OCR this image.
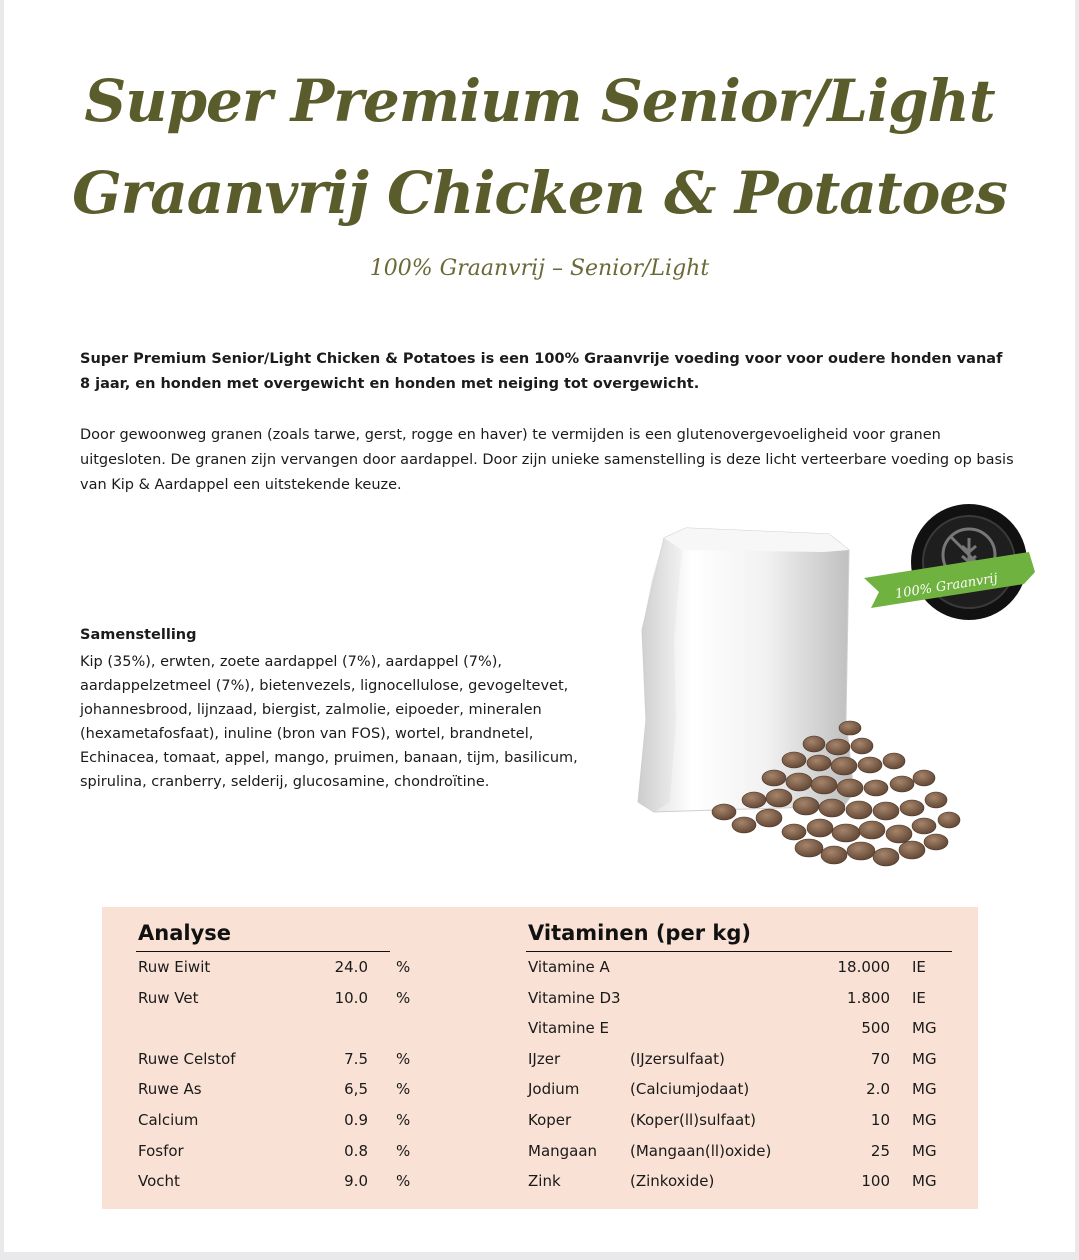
Super Premium Senior/Light
Graanvrij Chicken & Potatoes
100% Graanvrij – Senior/Light
Super Premium Senior/Light Chicken & Potatoes is een 100% Graanvrije voeding voor voor oudere honden vanaf 8 jaar, en honden met overgewicht en honden met neiging tot overgewicht.
Door gewoonweg granen (zoals tarwe, gerst, rogge en haver) te vermijden is een glutenovergevoeligheid voor granen uitgesloten. De granen zijn vervangen door aardappel. Door zijn unieke samenstelling is deze licht verteerbare voeding op basis van Kip & Aardappel een uitstekende keuze.
Samenstelling
Kip (35%), erwten, zoete aardappel (7%), aardappel (7%), aardappelzetmeel (7%), bietenvezels, lignocellulose, gevogeltevet, johannesbrood, lijnzaad, biergist, zalmolie, eipoeder, mineralen (hexametafosfaat), inuline (bron van FOS), wortel, brandnetel, Echinacea, tomaat, appel, mango, pruimen, banaan, tijm, basilicum, spirulina, cranberry, selderij, glucosamine, chondroïtine.
100% Graanvrij
Analyse
Ruw Eiwit	24.0 %
Ruw Vet	10.0 %
Ruwe Celstof	7.5 %
Ruwe As	6,5 %
Calcium	0.9 %
Fosfor	0.8 %
Vocht	9.0 %
Vitaminen (per kg)
Vitamine A	18.000 IE
Vitamine D3	1.800 IE
Vitamine E	500 MG
IJzer	(IJzersulfaat)	70 MG
Jodium	(Calciumjodaat)	2.0 MG
Koper	(Koper(ll)sulfaat)	10 MG
Mangaan (Mangaan(ll)oxide)	25 MG
Zink	(Zinkoxide)	100 MG
